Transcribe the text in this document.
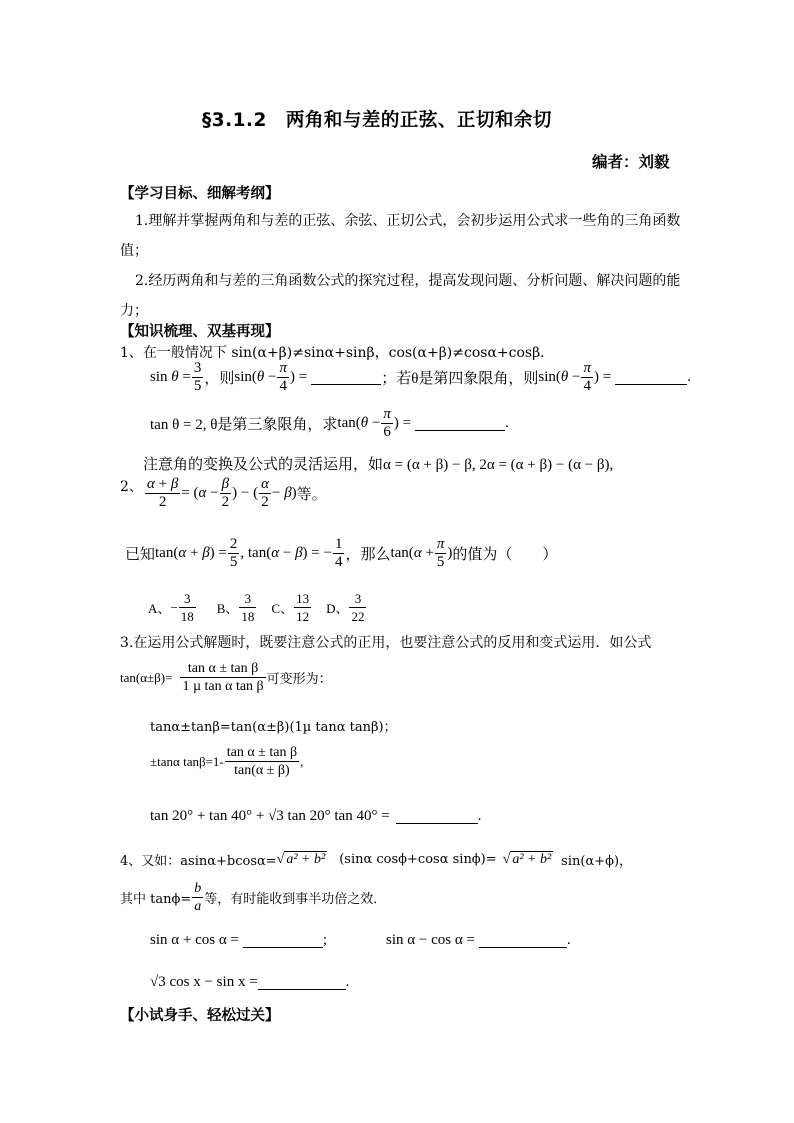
§3.1.2　两角和与差的正弦、正切和余切
编者：刘毅
【学习目标、细解考纲】
1.理解并掌握两角和与差的正弦、余弦、正切公式，会初步运用公式求一些角的三角函数
值；
2.经历两角和与差的三角函数公式的探究过程，提高发现问题、分析问题、解决问题的能
力；
【知识梳理、双基再现】
1、在一般情况下 sin(α+β)≠sinα+sinβ，cos(α+β)≠cosα+cosβ．
$\sin \theta = \frac{3}{5}$ ，则 $\sin(\theta - \frac{\pi}{4}$ ) =	；若θ是第四象限角，则 $\sin(\theta - \frac{\pi}{4}$ ) =	.
tan θ = 2, θ是第三象限角，求 $\tan(\theta - \frac{\pi}{6}$ ) =	.
注意角的变换及公式的灵活运用，如α = (α + β) − β, 2α = (α + β) − (α − β),
2、 $\frac{\alpha + \beta}{2} = (\alpha - \frac{\beta}{2}$ ) − ( $\frac{\alpha}{2} - \beta$) 等。
已知 $\tan(\alpha + \beta) = \frac{2}{5}$ , tan(α − β) = − $\frac{1}{4}$ ，那么 $\tan(\alpha + \frac{\pi}{5}$ ) 的值为（　　）
A、 − $\frac{3}{18}$ B、 $\frac{3}{18}$ C、 $\frac{13}{12}$ D、 $\frac{3}{22}$
3.在运用公式解题时，既要注意公式的正用，也要注意公式的反用和变式运用．如公式
$\tan(\alpha\pm\beta)= \frac{\text{tan α ± tan β}}{\text{1 µ tan α tan β}}$ 可变形为：
tanα±tanβ=tan(α±β)(1µ tanα tanβ)；
±tanα $\tan\beta=1- \frac{\text{tan α ± tan β}}{\tan(\alpha \pm \beta)}$ ,
tan 20° + tan 40° + √3 tan 20° tan 40° =	.
4、又如：asinα+bcosα= √ a² + b² (sinα cosϕ+cosα sinϕ)= √ a² + b² sin(α+ϕ)，
其中 $\tan\phi= \frac{b}{a}$ 等，有时能收到事半功倍之效．
sin α + cos α =	;	sin α − cos α =	.
√3 cos x − sin x =	.
【小试身手、轻松过关】
